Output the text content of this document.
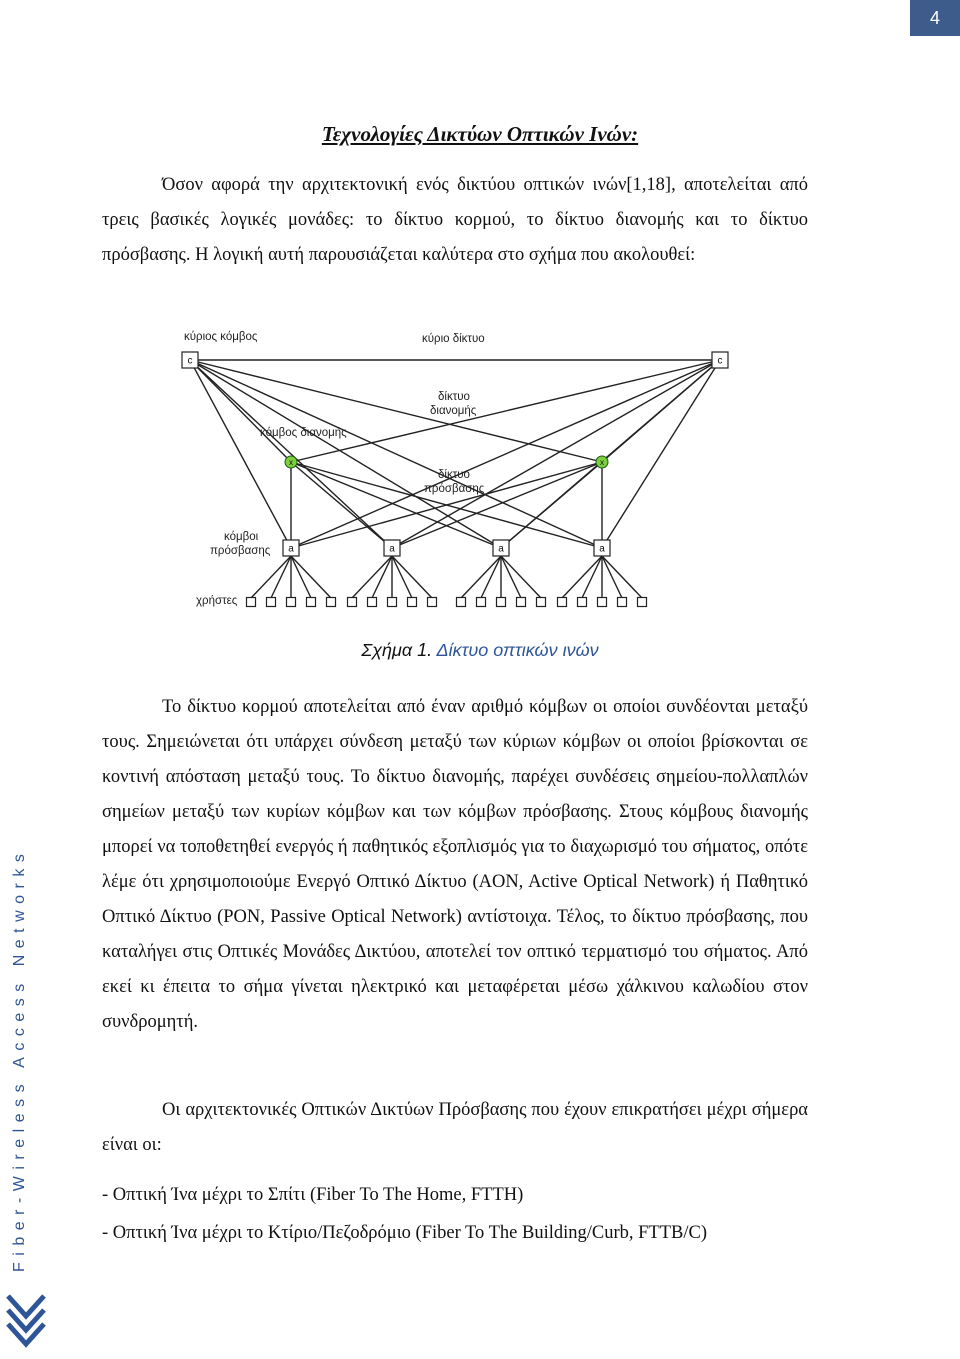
4
Fiber-Wireless Access Networks
Τεχνολογίες Δικτύων Οπτικών Ινών:

Όσον αφορά την αρχιτεκτονική ενός δικτύου οπτικών ινών[1,18], αποτελείται από τρεις βασικές λογικές μονάδες: το δίκτυο κορμού, το δίκτυο διανομής και το δίκτυο πρόσβασης. Η λογική αυτή παρουσιάζεται καλύτερα στο σχήμα που ακολουθεί:

c	c
a	a	a	a
x	x
κύριος κόμβος	κύριο δίκτυο
δίκτυο
διανομής
κόμβος διανομής
δίκτυο
πρόσβασης
κόμβοι
πρόσβασης
χρήστες
Σχήμα 1. Δίκτυο οπτικών ινών

Το δίκτυο κορμού αποτελείται από έναν αριθμό κόμβων οι οποίοι συνδέονται μεταξύ τους. Σημειώνεται ότι υπάρχει σύνδεση μεταξύ των κύριων κόμβων οι οποίοι βρίσκονται σε κοντινή απόσταση μεταξύ τους. Το δίκτυο διανομής, παρέχει συνδέσεις σημείου-πολλαπλών σημείων μεταξύ των κυρίων κόμβων και των κόμβων πρόσβασης. Στους κόμβους διανομής μπορεί να τοποθετηθεί ενεργός ή παθητικός εξοπλισμός για το διαχωρισμό του σήματος, οπότε λέμε ότι χρησιμοποιούμε Ενεργό Οπτικό Δίκτυο (AON, Active Optical Network) ή Παθητικό Οπτικό Δίκτυο (PON, Passive Optical Network) αντίστοιχα. Τέλος, το δίκτυο πρόσβασης, που καταλήγει στις Οπτικές Μονάδες Δικτύου, αποτελεί τον οπτικό τερματισμό του σήματος. Από εκεί κι έπειτα το σήμα γίνεται ηλεκτρικό και μεταφέρεται μέσω χάλκινου καλωδίου στον συνδρομητή.

Οι αρχιτεκτονικές Οπτικών Δικτύων Πρόσβασης που έχουν επικρατήσει μέχρι σήμερα είναι οι:

- Οπτική Ίνα μέχρι το Σπίτι (Fiber To The Home, FTTH)

- Οπτική Ίνα μέχρι το Κτίριο/Πεζοδρόμιο (Fiber To The Building/Curb, FTTB/C)
